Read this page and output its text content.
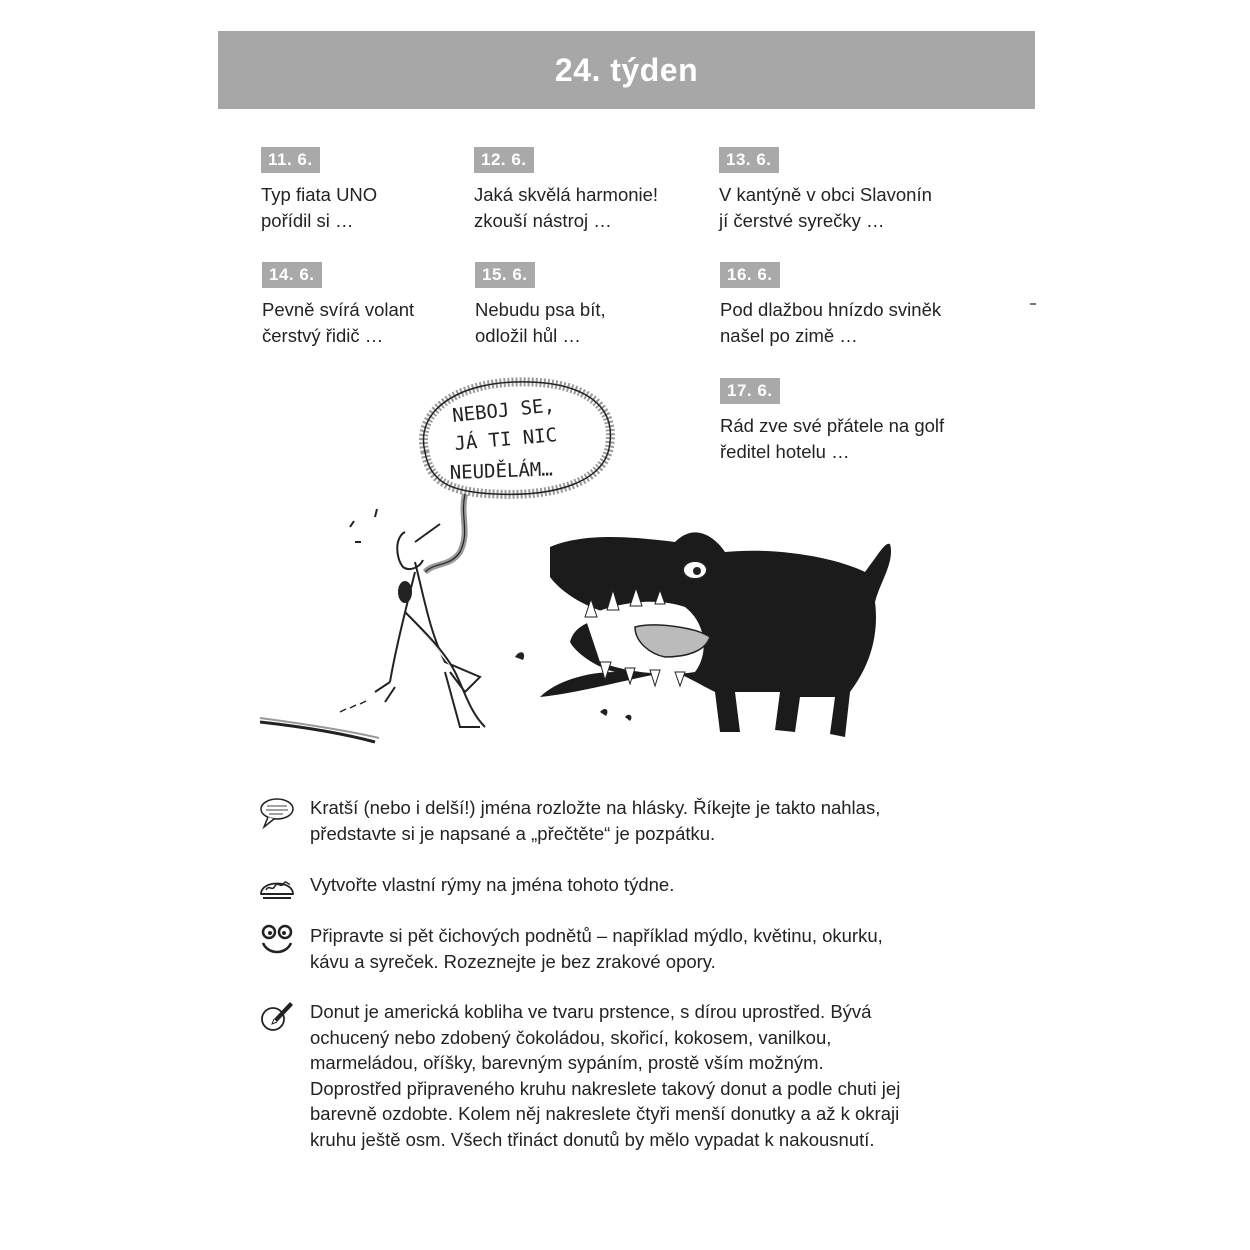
24. týden
11. 6.
Typ fiata UNO
pořídil si …
12. 6.
Jaká skvělá harmonie!
zkouší nástroj …
13. 6.
V kantýně v obci Slavonín
jí čerstvé syrečky …
14. 6.
Pevně svírá volant
čerstvý řidič …
15. 6.
Nebudu psa bít,
odložil hůl …
16. 6.
Pod dlažbou hnízdo sviněk
našel po zimě …
17. 6.
Rád zve své přátele na golf
ředitel hotelu …
NEBOJ SE,
JÁ TI NIC
NEUDĚLÁM…
Kratší (nebo i delší!) jména rozložte na hlásky. Říkejte je takto nahlas,
představte si je napsané a „přečtěte“ je pozpátku.
Vytvořte vlastní rýmy na jména tohoto týdne.
Připravte si pět čichových podnětů – například mýdlo, květinu, okurku,
kávu a syreček. Rozeznejte je bez zrakové opory.
Donut je americká kobliha ve tvaru prstence, s dírou uprostřed. Bývá
ochucený nebo zdobený čokoládou, skořicí, kokosem, vanilkou,
marmeládou, oříšky, barevným sypáním, prostě vším možným.
Doprostřed připraveného kruhu nakreslete takový donut a podle chuti jej
barevně ozdobte. Kolem něj nakreslete čtyři menší donutky a až k okraji
kruhu ještě osm. Všech třináct donutů by mělo vypadat k nakousnutí.
